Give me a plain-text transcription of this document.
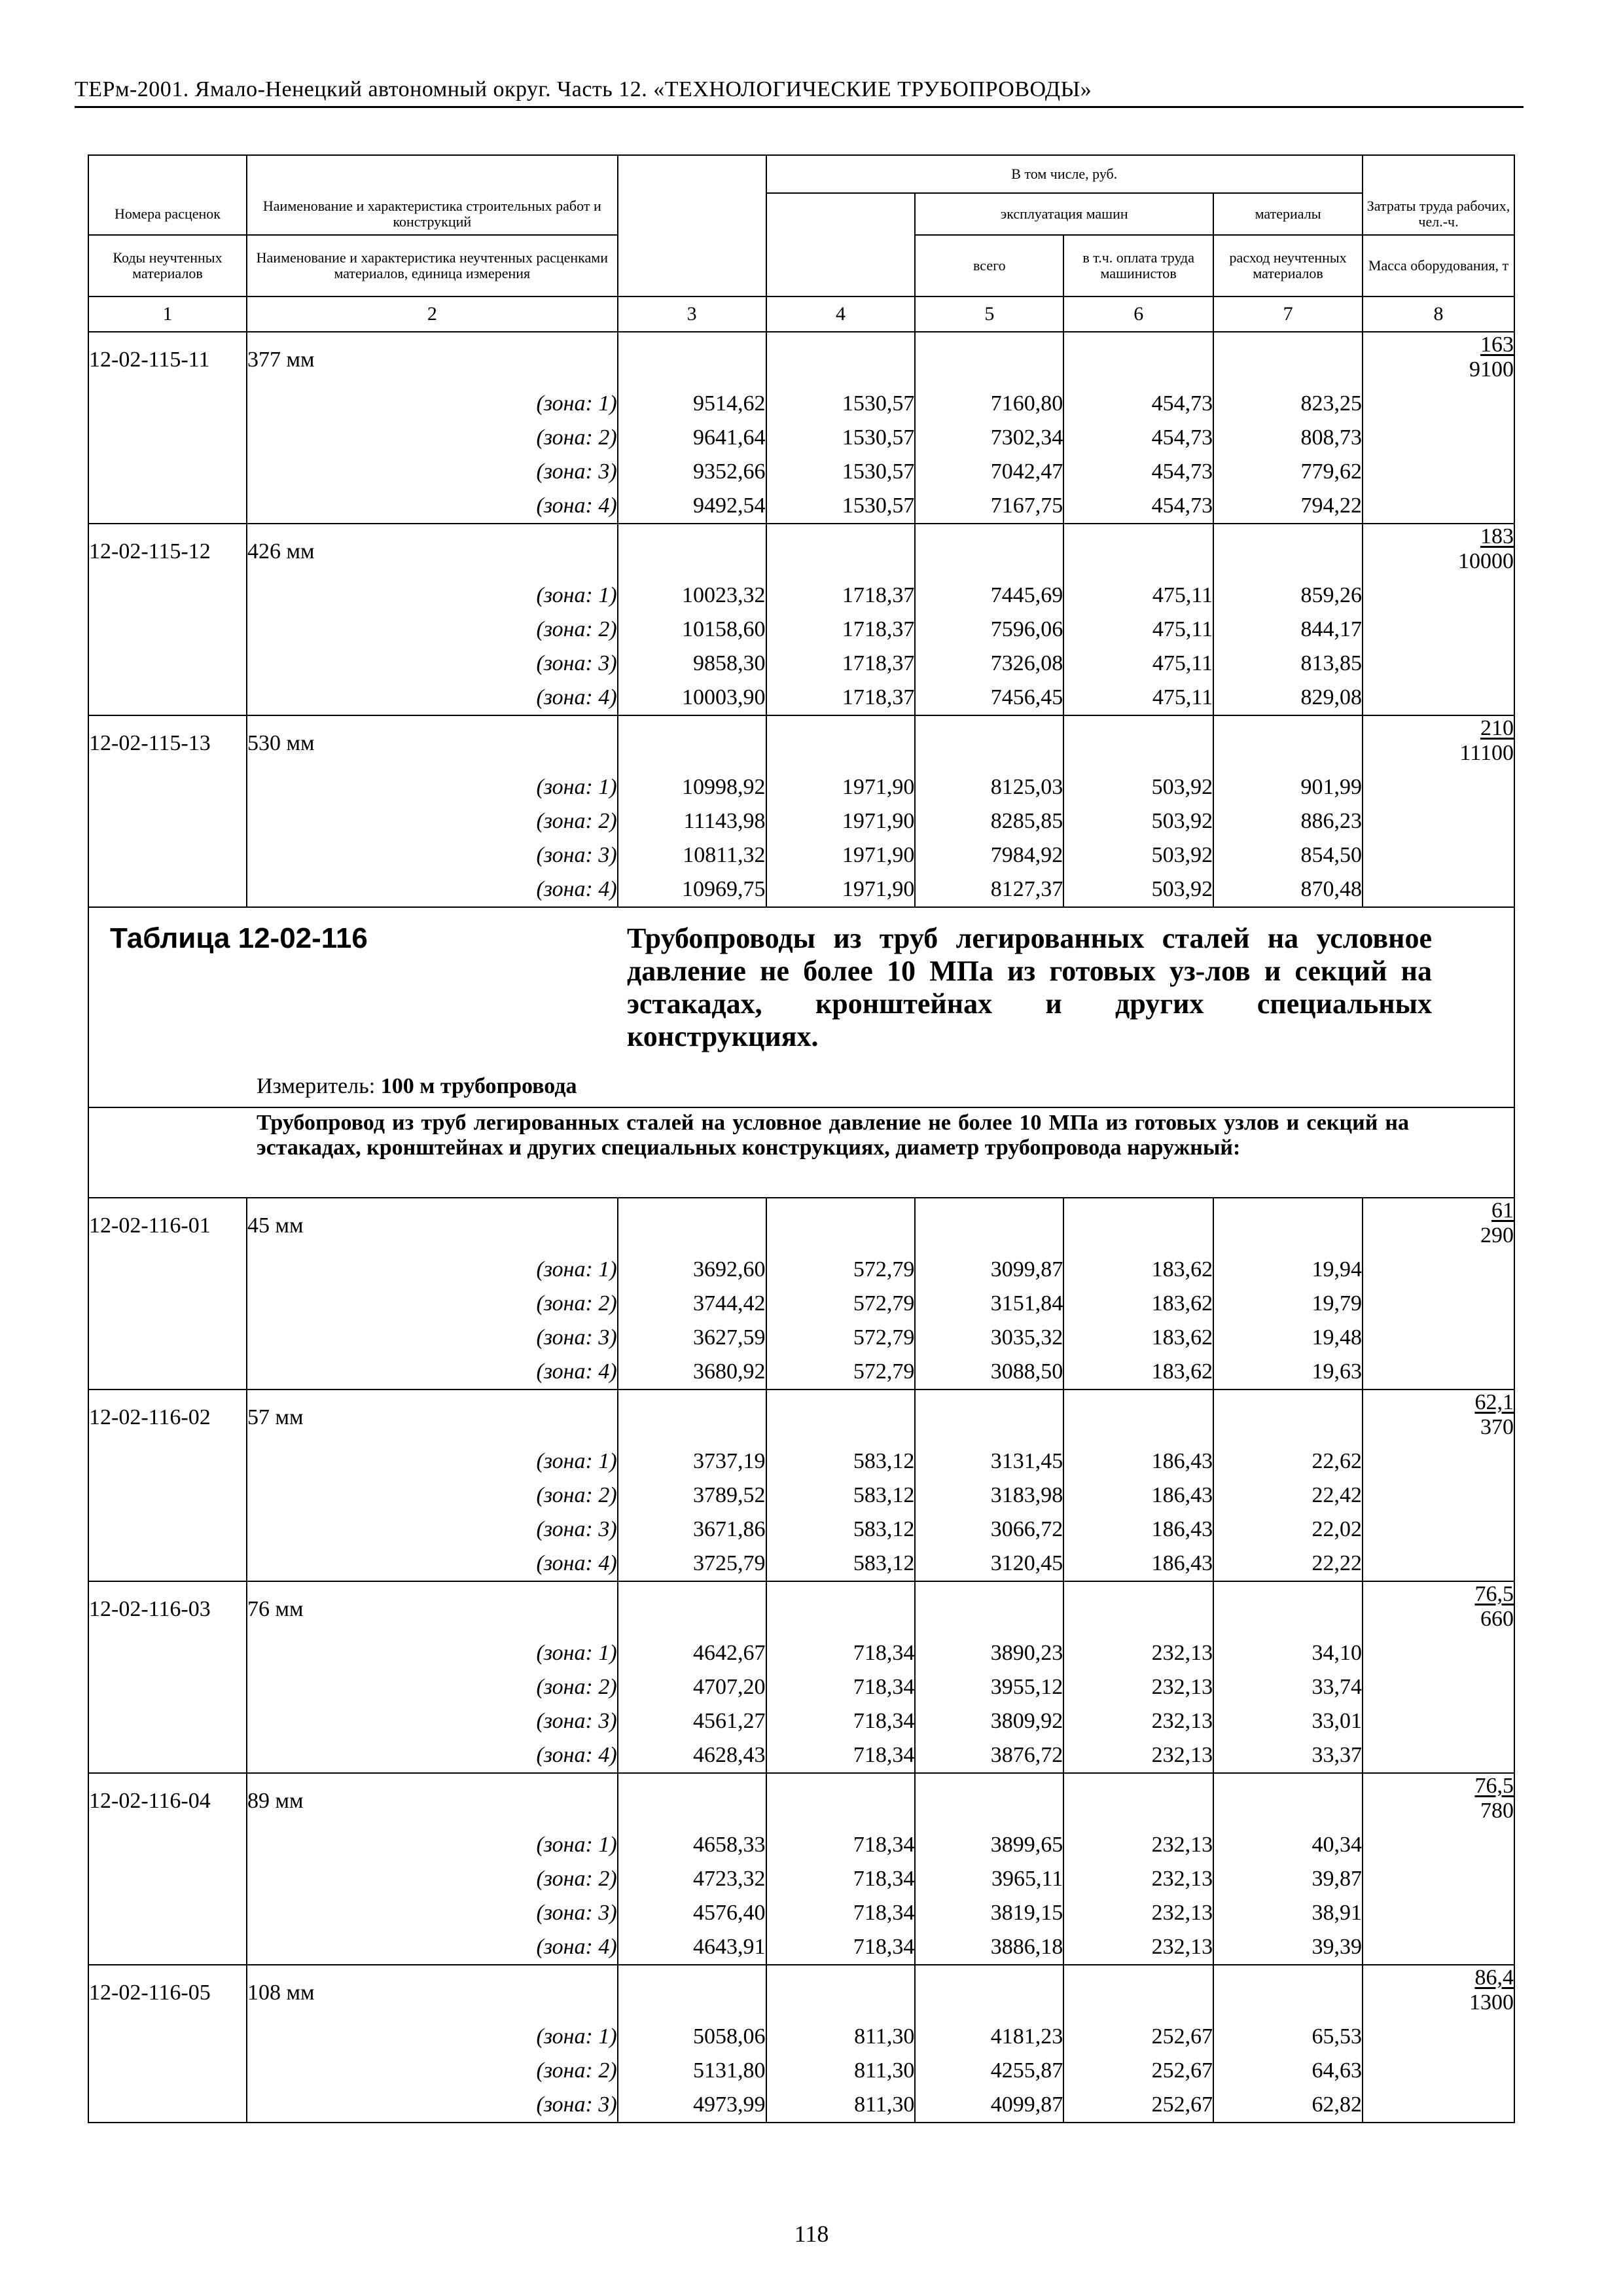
ТЕРм-2001. Ямало-Ненецкий автономный округ. Часть 12. «ТЕХНОЛОГИЧЕСКИЕ ТРУБОПРОВОДЫ»
			В том числе, руб.				
Номера расценок	Наименование и характеристика строительных работ и конструкций			эксплуатация машин		материалы	Затраты труда рабочих, чел.-ч.
Коды неучтенных материалов	Наименование и характеристика неучтенных расценками материалов, единица измерения			всего	в т.ч. оплата труда машинистов	расход неучтенных материалов	Масса оборудования, т
1	2	3	4	5	6	7	8
12-02-115-11	377 мм						$\frac{163}{9100}$

	(зона: 1)	9514,62	1530,57	7160,80	454,73	823,25	
	(зона: 2)	9641,64	1530,57	7302,34	454,73	808,73	
	(зона: 3)	9352,66	1530,57	7042,47	454,73	779,62	
	(зона: 4)	9492,54	1530,57	7167,75	454,73	794,22	
12-02-115-12	426 мм						$\frac{183}{10000}$

	(зона: 1)	10023,32	1718,37	7445,69	475,11	859,26	
	(зона: 2)	10158,60	1718,37	7596,06	475,11	844,17	
	(зона: 3)	9858,30	1718,37	7326,08	475,11	813,85	
	(зона: 4)	10003,90	1718,37	7456,45	475,11	829,08	
12-02-115-13	530 мм						$\frac{210}{11100}$

	(зона: 1)	10998,92	1971,90	8125,03	503,92	901,99	
	(зона: 2)	11143,98	1971,90	8285,85	503,92	886,23	
	(зона: 3)	10811,32	1971,90	7984,92	503,92	854,50	
	(зона: 4)	10969,75	1971,90	8127,37	503,92	870,48	

Таблица 12-02-116 Трубопроводы из труб легированных сталей на условное давление не более 10 МПа из готовых уз-лов и секций на эстакадах, кронштейнах и других специальных конструкциях.
Измеритель: 100 м трубопровода							

Трубопровод из труб легированных сталей на условное давление не более 10 МПа из готовых узлов и секций на эстакадах, кронштейнах и других специальных конструкциях, диаметр трубопровода наружный:							

12-02-116-01	45 мм						$\frac{61}{290}$

	(зона: 1)	3692,60	572,79	3099,87	183,62	19,94	
	(зона: 2)	3744,42	572,79	3151,84	183,62	19,79	
	(зона: 3)	3627,59	572,79	3035,32	183,62	19,48	
	(зона: 4)	3680,92	572,79	3088,50	183,62	19,63	
12-02-116-02	57 мм						$\frac{62,1}{370}$

	(зона: 1)	3737,19	583,12	3131,45	186,43	22,62	
	(зона: 2)	3789,52	583,12	3183,98	186,43	22,42	
	(зона: 3)	3671,86	583,12	3066,72	186,43	22,02	
	(зона: 4)	3725,79	583,12	3120,45	186,43	22,22	
12-02-116-03	76 мм						$\frac{76,5}{660}$

	(зона: 1)	4642,67	718,34	3890,23	232,13	34,10	
	(зона: 2)	4707,20	718,34	3955,12	232,13	33,74	
	(зона: 3)	4561,27	718,34	3809,92	232,13	33,01	
	(зона: 4)	4628,43	718,34	3876,72	232,13	33,37	
12-02-116-04	89 мм						$\frac{76,5}{780}$

	(зона: 1)	4658,33	718,34	3899,65	232,13	40,34	
	(зона: 2)	4723,32	718,34	3965,11	232,13	39,87	
	(зона: 3)	4576,40	718,34	3819,15	232,13	38,91	
	(зона: 4)	4643,91	718,34	3886,18	232,13	39,39	
12-02-116-05	108 мм						$\frac{86,4}{1300}$

	(зона: 1)	5058,06	811,30	4181,23	252,67	65,53	
	(зона: 2)	5131,80	811,30	4255,87	252,67	64,63	
	(зона: 3)	4973,99	811,30	4099,87	252,67	62,82	
118
